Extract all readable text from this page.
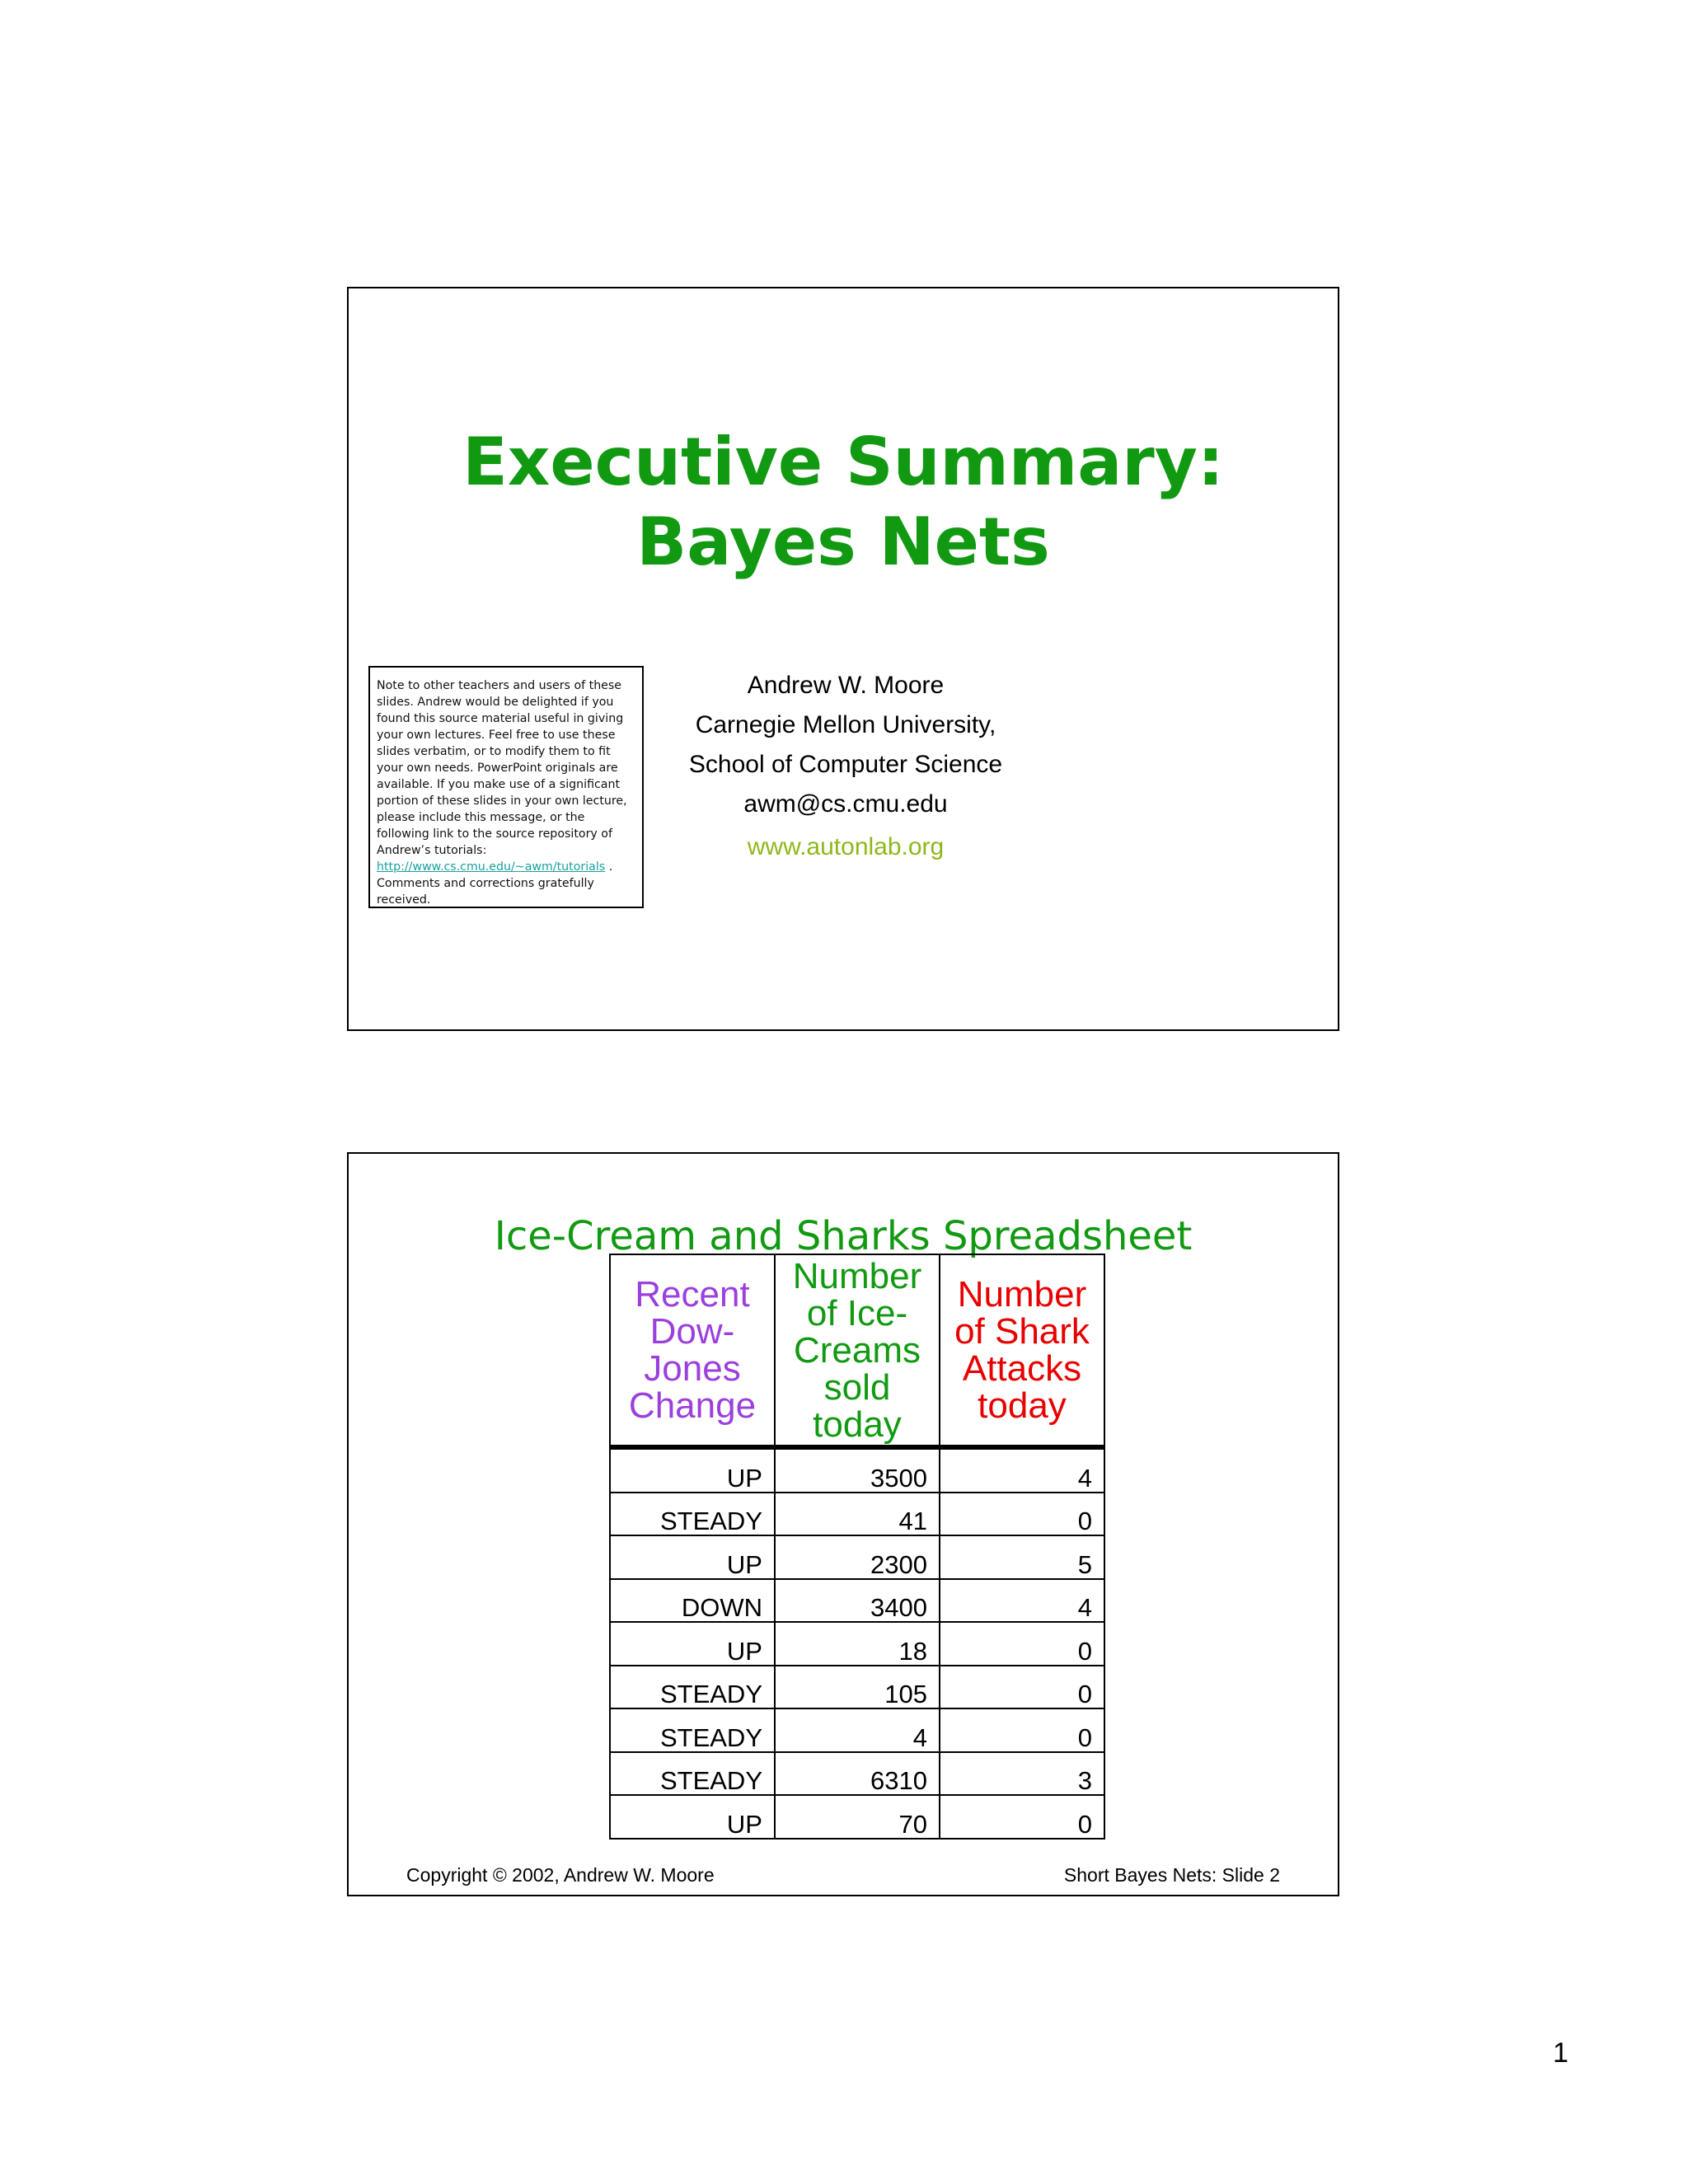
Executive Summary:
Bayes Nets

Note to other teachers and users of these slides. Andrew would be delighted if you found this source material useful in giving your own lectures. Feel free to use these slides verbatim, or to modify them to fit your own needs. PowerPoint originals are available. If you make use of a significant portion of these slides in your own lecture, please include this message, or the following link to the source repository of Andrew’s tutorials: http://www.cs.cmu.edu/~awm/tutorials . Comments and corrections gratefully received.

Andrew W. Moore
Carnegie Mellon University,
School of Computer Science
awm@cs.cmu.edu
www.autonlab.org
Ice-Cream and Sharks Spreadsheet
Recent Dow-Jones Change	Number of Ice-Creams sold today	Number of Shark Attacks today
UP	3500	4
STEADY	41	0
UP	2300	5
DOWN	3400	4
UP	18	0
STEADY	105	0
STEADY	4	0
STEADY	6310	3
UP	70	0
Copyright © 2002, Andrew W. Moore	Short Bayes Nets: Slide 2
1
